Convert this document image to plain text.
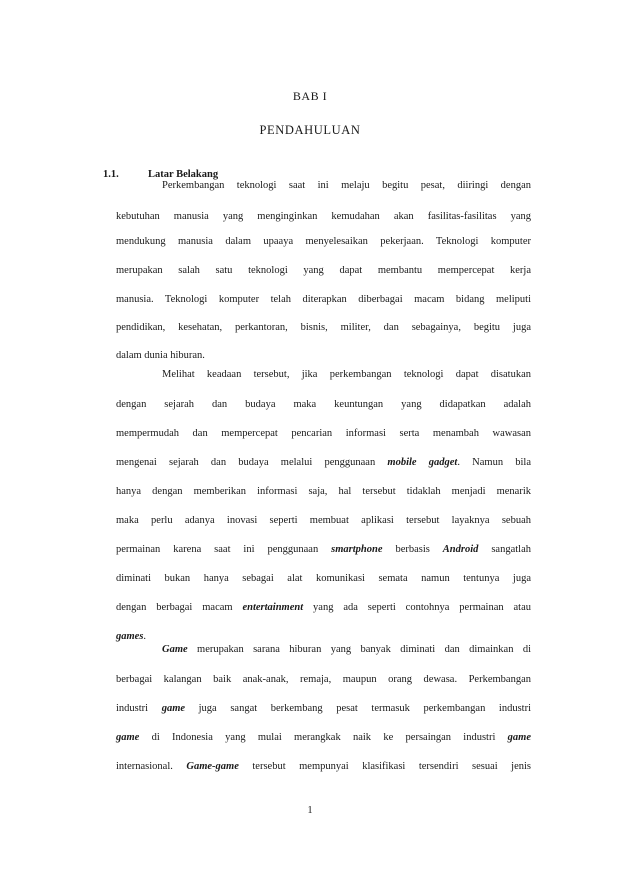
BAB I
PENDAHULUAN
1.1.	Latar Belakang
Perkembangan teknologi saat ini melaju begitu pesat, diiringi dengan
kebutuhan manusia yang menginginkan kemudahan akan fasilitas-fasilitas yang
mendukung manusia dalam upaaya menyelesaikan pekerjaan. Teknologi komputer
merupakan salah satu teknologi yang dapat membantu mempercepat kerja
manusia. Teknologi komputer telah diterapkan diberbagai macam bidang meliputi
pendidikan, kesehatan, perkantoran, bisnis, militer, dan sebagainya, begitu juga
dalam dunia hiburan.
Melihat keadaan tersebut, jika perkembangan teknologi dapat disatukan
dengan sejarah dan budaya maka keuntungan yang didapatkan adalah
mempermudah dan mempercepat pencarian informasi serta menambah wawasan
mengenai sejarah dan budaya melalui penggunaan mobile gadget. Namun bila
hanya dengan memberikan informasi saja, hal tersebut tidaklah menjadi menarik
maka perlu adanya inovasi seperti membuat aplikasi tersebut layaknya sebuah
permainan karena saat ini penggunaan smartphone berbasis Android sangatlah
diminati bukan hanya sebagai alat komunikasi semata namun tentunya juga
dengan berbagai macam entertainment yang ada seperti contohnya permainan atau
games.
Game merupakan sarana hiburan yang banyak diminati dan dimainkan di
berbagai kalangan baik anak-anak, remaja, maupun orang dewasa. Perkembangan
industri game juga sangat berkembang pesat termasuk perkembangan industri
game di Indonesia yang mulai merangkak naik ke persaingan industri game
internasional. Game-game tersebut mempunyai klasifikasi tersendiri sesuai jenis
1
